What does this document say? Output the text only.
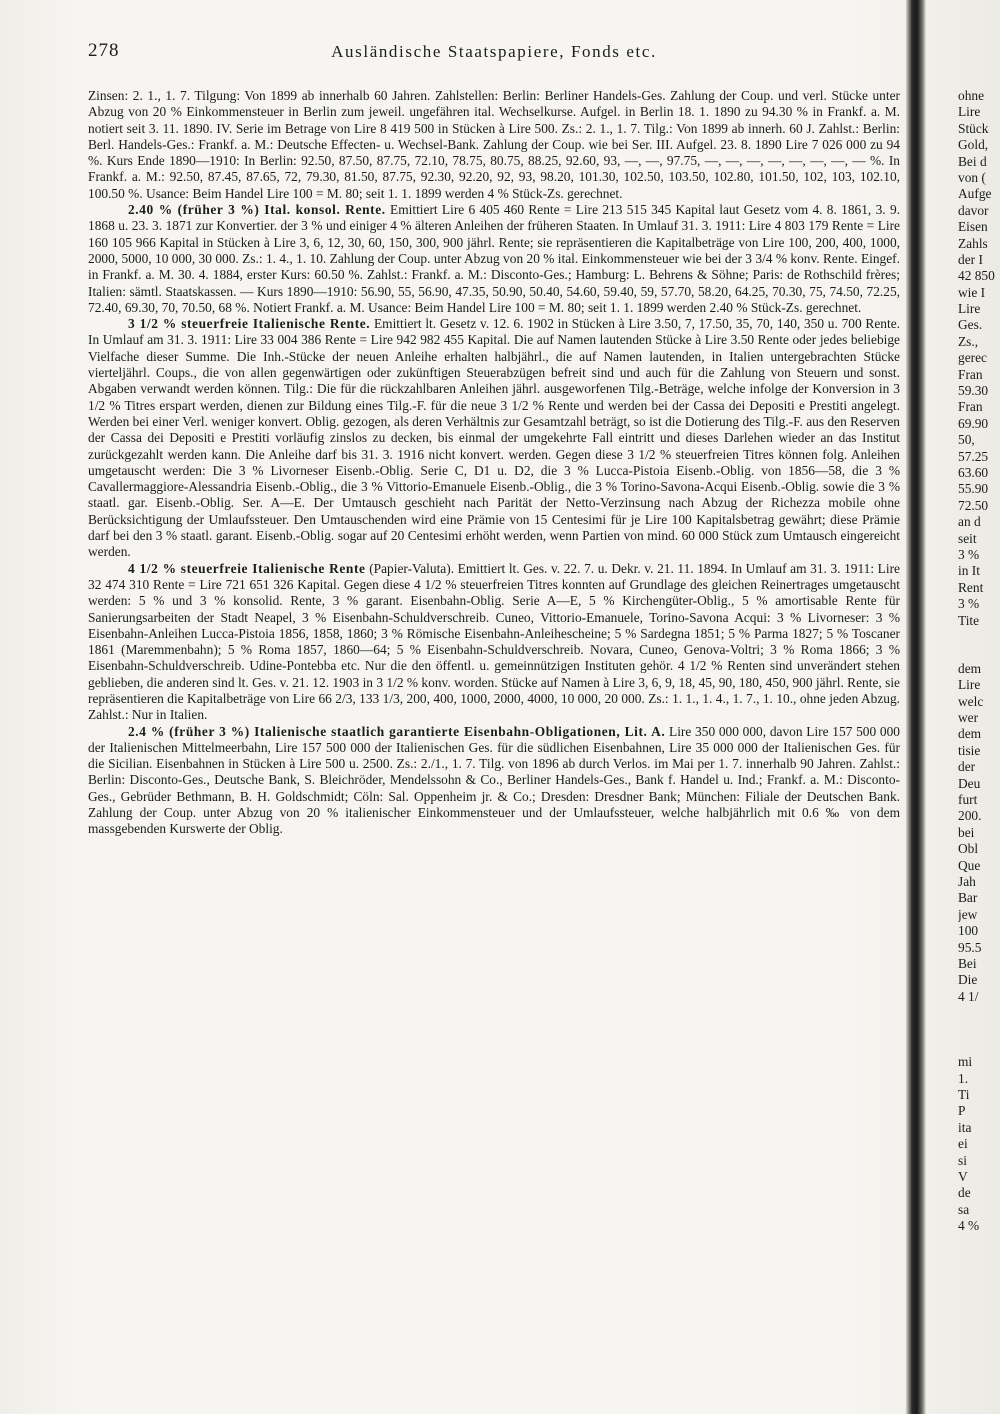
278	Ausländische Staatspapiere, Fonds etc.

Zinsen: 2. 1., 1. 7. Tilgung: Von 1899 ab innerhalb 60 Jahren. Zahlstellen: Berlin: Berliner Handels-Ges. Zahlung der Coup. und verl. Stücke unter Abzug von 20 % Einkommensteuer in Berlin zum jeweil. ungefähren ital. Wechselkurse. Aufgel. in Berlin 18. 1. 1890 zu 94.30 % in Frankf. a. M. notiert seit 3. 11. 1890. IV. Serie im Betrage von Lire 8 419 500 in Stücken à Lire 500. Zs.: 2. 1., 1. 7. Tilg.: Von 1899 ab innerh. 60 J. Zahlst.: Berlin: Berl. Handels-Ges.: Frankf. a. M.: Deutsche Effecten- u. Wechsel-Bank. Zahlung der Coup. wie bei Ser. III. Aufgel. 23. 8. 1890 Lire 7 026 000 zu 94 %. Kurs Ende 1890—1910: In Berlin: 92.50, 87.50, 87.75, 72.10, 78.75, 80.75, 88.25, 92.60, 93, —, —, 97.75, —, —, —, —, —, —, —, — %. In Frankf. a. M.: 92.50, 87.45, 87.65, 72, 79.30, 81.50, 87.75, 92.30, 92.20, 92, 93, 98.20, 101.30, 102.50, 103.50, 102.80, 101.50, 102, 103, 102.10, 100.50 %. Usance: Beim Handel Lire 100 = M. 80; seit 1. 1. 1899 werden 4 % Stück-Zs. gerechnet.

2.40 % (früher 3 %) Ital. konsol. Rente. Emittiert Lire 6 405 460 Rente = Lire 213 515 345 Kapital laut Gesetz vom 4. 8. 1861, 3. 9. 1868 u. 23. 3. 1871 zur Konvertier. der 3 % und einiger 4 % älteren Anleihen der früheren Staaten. In Umlauf 31. 3. 1911: Lire 4 803 179 Rente = Lire 160 105 966 Kapital in Stücken à Lire 3, 6, 12, 30, 60, 150, 300, 900 jährl. Rente; sie repräsentieren die Kapitalbeträge von Lire 100, 200, 400, 1000, 2000, 5000, 10 000, 30 000. Zs.: 1. 4., 1. 10. Zahlung der Coup. unter Abzug von 20 % ital. Einkommensteuer wie bei der 3 3/4 % konv. Rente. Eingef. in Frankf. a. M. 30. 4. 1884, erster Kurs: 60.50 %. Zahlst.: Frankf. a. M.: Disconto-Ges.; Hamburg: L. Behrens & Söhne; Paris: de Rothschild frères; Italien: sämtl. Staatskassen. — Kurs 1890—1910: 56.90, 55, 56.90, 47.35, 50.90, 50.40, 54.60, 59.40, 59, 57.70, 58.20, 64.25, 70.30, 75, 74.50, 72.25, 72.40, 69.30, 70, 70.50, 68 %. Notiert Frankf. a. M. Usance: Beim Handel Lire 100 = M. 80; seit 1. 1. 1899 werden 2.40 % Stück-Zs. gerechnet.

3 1/2 % steuerfreie Italienische Rente. Emittiert lt. Gesetz v. 12. 6. 1902 in Stücken à Lire 3.50, 7, 17.50, 35, 70, 140, 350 u. 700 Rente. In Umlauf am 31. 3. 1911: Lire 33 004 386 Rente = Lire 942 982 455 Kapital. Die auf Namen lautenden Stücke à Lire 3.50 Rente oder jedes beliebige Vielfache dieser Summe. Die Inh.-Stücke der neuen Anleihe erhalten halbjährl., die auf Namen lautenden, in Italien untergebrachten Stücke vierteljährl. Coups., die von allen gegenwärtigen oder zukünftigen Steuerabzügen befreit sind und auch für die Zahlung von Steuern und sonst. Abgaben verwandt werden können. Tilg.: Die für die rückzahlbaren Anleihen jährl. ausgeworfenen Tilg.-Beträge, welche infolge der Konversion in 3 1/2 % Titres erspart werden, dienen zur Bildung eines Tilg.-F. für die neue 3 1/2 % Rente und werden bei der Cassa dei Depositi e Prestiti angelegt. Werden bei einer Verl. weniger konvert. Oblig. gezogen, als deren Verhältnis zur Gesamtzahl beträgt, so ist die Dotierung des Tilg.-F. aus den Reserven der Cassa dei Depositi e Prestiti vorläufig zinslos zu decken, bis einmal der umgekehrte Fall eintritt und dieses Darlehen wieder an das Institut zurückgezahlt werden kann. Die Anleihe darf bis 31. 3. 1916 nicht konvert. werden. Gegen diese 3 1/2 % steuerfreien Titres können folg. Anleihen umgetauscht werden: Die 3 % Livorneser Eisenb.-Oblig. Serie C, D1 u. D2, die 3 % Lucca-Pistoia Eisenb.-Oblig. von 1856—58, die 3 % Cavallermaggiore-Alessandria Eisenb.-Oblig., die 3 % Vittorio-Emanuele Eisenb.-Oblig., die 3 % Torino-Savona-Acqui Eisenb.-Oblig. sowie die 3 % staatl. gar. Eisenb.-Oblig. Ser. A—E. Der Umtausch geschieht nach Parität der Netto-Verzinsung nach Abzug der Richezza mobile ohne Berücksichtigung der Umlaufssteuer. Den Umtauschenden wird eine Prämie von 15 Centesimi für je Lire 100 Kapitalsbetrag gewährt; diese Prämie darf bei den 3 % staatl. garant. Eisenb.-Oblig. sogar auf 20 Centesimi erhöht werden, wenn Partien von mind. 60 000 Stück zum Umtausch eingereicht werden.

4 1/2 % steuerfreie Italienische Rente (Papier-Valuta). Emittiert lt. Ges. v. 22. 7. u. Dekr. v. 21. 11. 1894. In Umlauf am 31. 3. 1911: Lire 32 474 310 Rente = Lire 721 651 326 Kapital. Gegen diese 4 1/2 % steuerfreien Titres konnten auf Grundlage des gleichen Reinertrages umgetauscht werden: 5 % und 3 % konsolid. Rente, 3 % garant. Eisenbahn-Oblig. Serie A—E, 5 % Kirchengüter-Oblig., 5 % amortisable Rente für Sanierungsarbeiten der Stadt Neapel, 3 % Eisenbahn-Schuldverschreib. Cuneo, Vittorio-Emanuele, Torino-Savona Acqui: 3 % Livorneser: 3 % Eisenbahn-Anleihen Lucca-Pistoia 1856, 1858, 1860; 3 % Römische Eisenbahn-Anleihescheine; 5 % Sardegna 1851; 5 % Parma 1827; 5 % Toscaner 1861 (Maremmenbahn); 5 % Roma 1857, 1860—64; 5 % Eisenbahn-Schuldverschreib. Novara, Cuneo, Genova-Voltri; 3 % Roma 1866; 3 % Eisenbahn-Schuldverschreib. Udine-Pontebba etc. Nur die den öffentl. u. gemeinnützigen Instituten gehör. 4 1/2 % Renten sind unverändert stehen geblieben, die anderen sind lt. Ges. v. 21. 12. 1903 in 3 1/2 % konv. worden. Stücke auf Namen à Lire 3, 6, 9, 18, 45, 90, 180, 450, 900 jährl. Rente, sie repräsentieren die Kapitalbeträge von Lire 66 2/3, 133 1/3, 200, 400, 1000, 2000, 4000, 10 000, 20 000. Zs.: 1. 1., 1. 4., 1. 7., 1. 10., ohne jeden Abzug. Zahlst.: Nur in Italien.

2.4 % (früher 3 %) Italienische staatlich garantierte Eisenbahn-Obligationen, Lit. A. Lire 350 000 000, davon Lire 157 500 000 der Italienischen Mittelmeerbahn, Lire 157 500 000 der Italienischen Ges. für die südlichen Eisenbahnen, Lire 35 000 000 der Italienischen Ges. für die Sicilian. Eisenbahnen in Stücken à Lire 500 u. 2500. Zs.: 2./1., 1. 7. Tilg. von 1896 ab durch Verlos. im Mai per 1. 7. innerhalb 90 Jahren. Zahlst.: Berlin: Disconto-Ges., Deutsche Bank, S. Bleichröder, Mendelssohn & Co., Berliner Handels-Ges., Bank f. Handel u. Ind.; Frankf. a. M.: Disconto-Ges., Gebrüder Bethmann, B. H. Goldschmidt; Cöln: Sal. Oppenheim jr. & Co.; Dresden: Dresdner Bank; München: Filiale der Deutschen Bank. Zahlung der Coup. unter Abzug von 20 % italienischer Einkommensteuer und der Umlaufssteuer, welche halbjährlich mit 0.6 ‰ von dem massgebenden Kurswerte der Oblig.

ohne
Lire
Stück
Gold,
Bei d
von (
Aufge
davor
Eisen
Zahls
der I
42 850
wie I
Lire
Ges.
Zs.,
gerec
Fran
59.30
Fran
69.90
50,
57.25
63.60
55.90
72.50
an d
seit
3 %
in It
Rent
3 %
Tite
dem
Lire
welc
wer
dem
tisie
der
Deu
furt
200.
bei
Obl
Que
Jah
Bar
jew
100
95.5
Bei
Die
4 1/
mi
1.
Ti
P
ita
ei
si
V
de
sa
4 %
